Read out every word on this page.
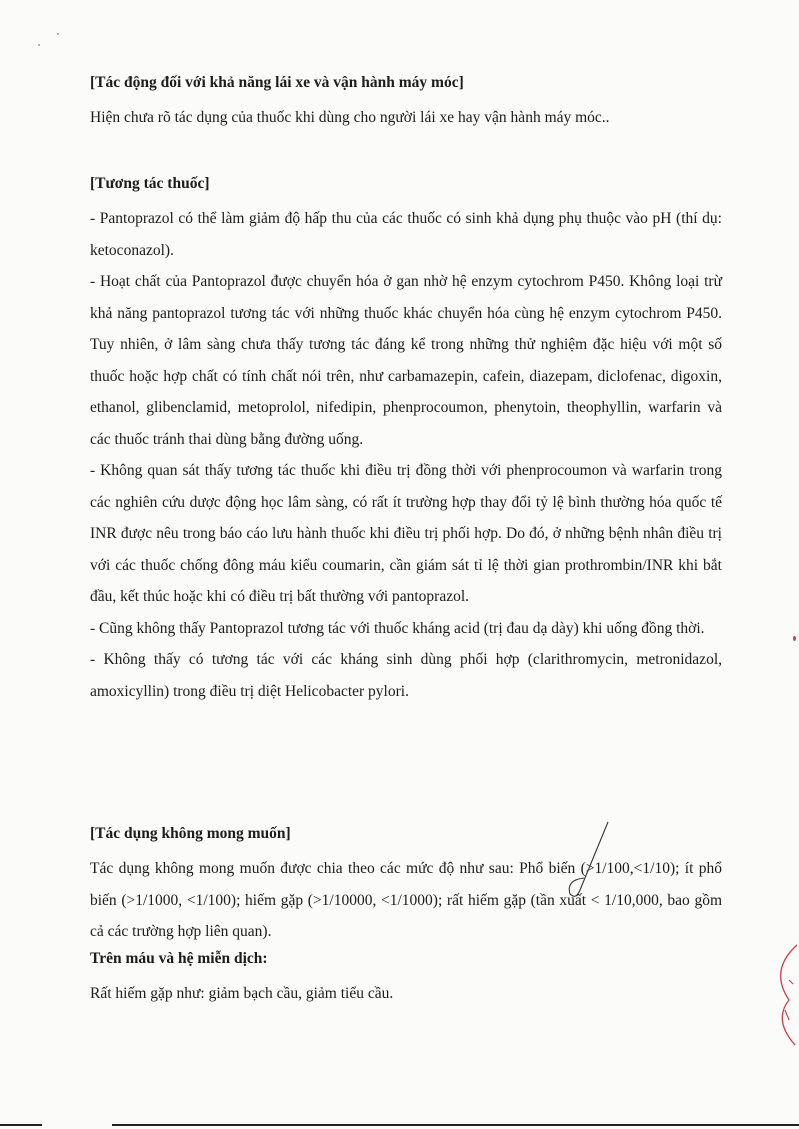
[Tác động đối với khả năng lái xe và vận hành máy móc]

Hiện chưa rõ tác dụng của thuốc khi dùng cho người lái xe hay vận hành máy móc..

[Tương tác thuốc]

- Pantoprazol có thể làm giảm độ hấp thu của các thuốc có sinh khả dụng phụ thuộc vào pH (thí dụ: ketoconazol).

- Hoạt chất của Pantoprazol được chuyển hóa ở gan nhờ hệ enzym cytochrom P450. Không loại trừ khả năng pantoprazol tương tác với những thuốc khác chuyển hóa cùng hệ enzym cytochrom P450. Tuy nhiên, ở lâm sàng chưa thấy tương tác đáng kể trong những thử nghiệm đặc hiệu với một số thuốc hoặc hợp chất có tính chất nói trên, như carbamazepin, cafein, diazepam, diclofenac, digoxin, ethanol, glibenclamid, metoprolol, nifedipin, phenprocoumon, phenytoin, theophyllin, warfarin và các thuốc tránh thai dùng bằng đường uống.

- Không quan sát thấy tương tác thuốc khi điều trị đồng thời với phenprocoumon và warfarin trong các nghiên cứu dược động học lâm sàng, có rất ít trường hợp thay đổi tỷ lệ bình thường hóa quốc tế INR được nêu trong báo cáo lưu hành thuốc khi điều trị phối hợp. Do đó, ở những bệnh nhân điều trị với các thuốc chống đông máu kiểu coumarin, cần giám sát tỉ lệ thời gian prothrombin/INR khi bắt đầu, kết thúc hoặc khi có điều trị bất thường với pantoprazol.

- Cũng không thấy Pantoprazol tương tác với thuốc kháng acid (trị đau dạ dày) khi uống đồng thời.

- Không thấy có tương tác với các kháng sinh dùng phối hợp (clarithromycin, metronidazol, amoxicyllin) trong điều trị diệt Helicobacter pylori.

[Tác dụng không mong muốn]

Tác dụng không mong muốn được chia theo các mức độ như sau: Phổ biến (>1/100,<1/10); ít phổ biến (>1/1000, <1/100); hiếm gặp (>1/10000, <1/1000); rất hiếm gặp (tần xuất < 1/10,000, bao gồm cả các trường hợp liên quan).

Trên máu và hệ miễn dịch:

Rất hiếm gặp như: giảm bạch cầu, giảm tiểu cầu.
